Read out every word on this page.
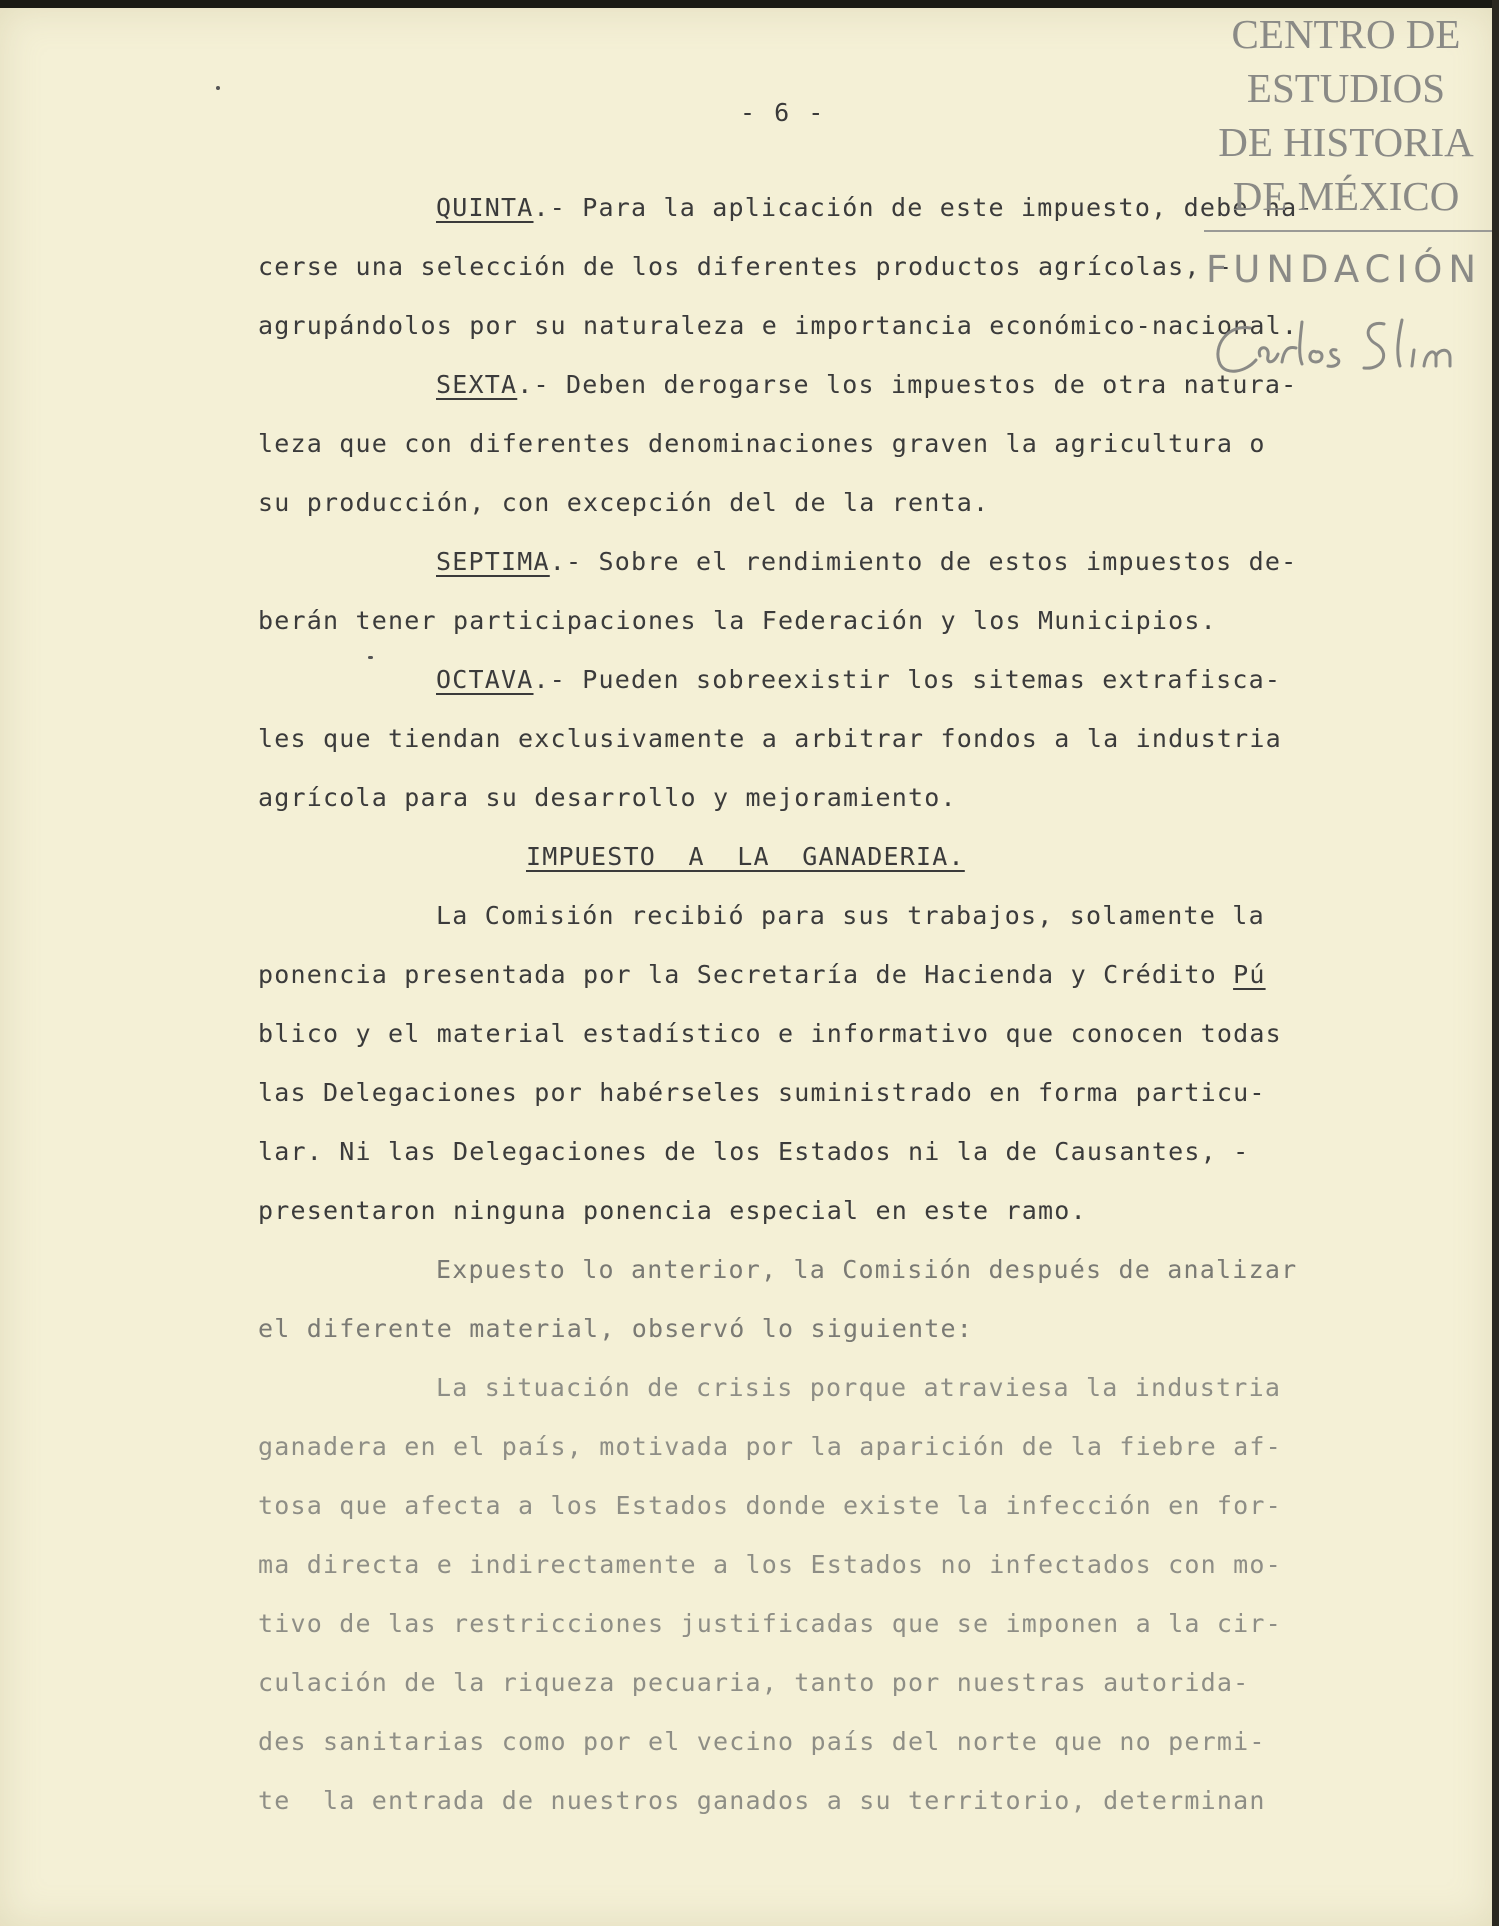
- 6 -
QUINTA.- Para la aplicación de este impuesto, debe ha-
cerse una selección de los diferentes productos agrícolas, -
agrupándolos por su naturaleza e importancia económico-nacional.
SEXTA.- Deben derogarse los impuestos de otra natura-
leza que con diferentes denominaciones graven la agricultura o
su producción, con excepción del de la renta.
SEPTIMA.- Sobre el rendimiento de estos impuestos de-
berán tener participaciones la Federación y los Municipios.
OCTAVA.- Pueden sobreexistir los sitemas extrafisca-
les que tiendan exclusivamente a arbitrar fondos a la industria
agrícola para su desarrollo y mejoramiento.
IMPUESTO  A  LA  GANADERIA.
La Comisión recibió para sus trabajos, solamente la
ponencia presentada por la Secretaría de Hacienda y Crédito Pú
blico y el material estadístico e informativo que conocen todas
las Delegaciones por habérseles suministrado en forma particu-
lar. Ni las Delegaciones de los Estados ni la de Causantes, -
presentaron ninguna ponencia especial en este ramo.
Expuesto lo anterior, la Comisión después de analizar
el diferente material, observó lo siguiente:
La situación de crisis porque atraviesa la industria
ganadera en el país, motivada por la aparición de la fiebre af-
tosa que afecta a los Estados donde existe la infección en for-
ma directa e indirectamente a los Estados no infectados con mo-
tivo de las restricciones justificadas que se imponen a la cir-
culación de la riqueza pecuaria, tanto por nuestras autorida-
des sanitarias como por el vecino país del norte que no permi-
te  la entrada de nuestros ganados a su territorio, determinan
CENTRO DE
ESTUDIOS
DE HISTORIA
DE MÉXICO
FUNDACIÓN
